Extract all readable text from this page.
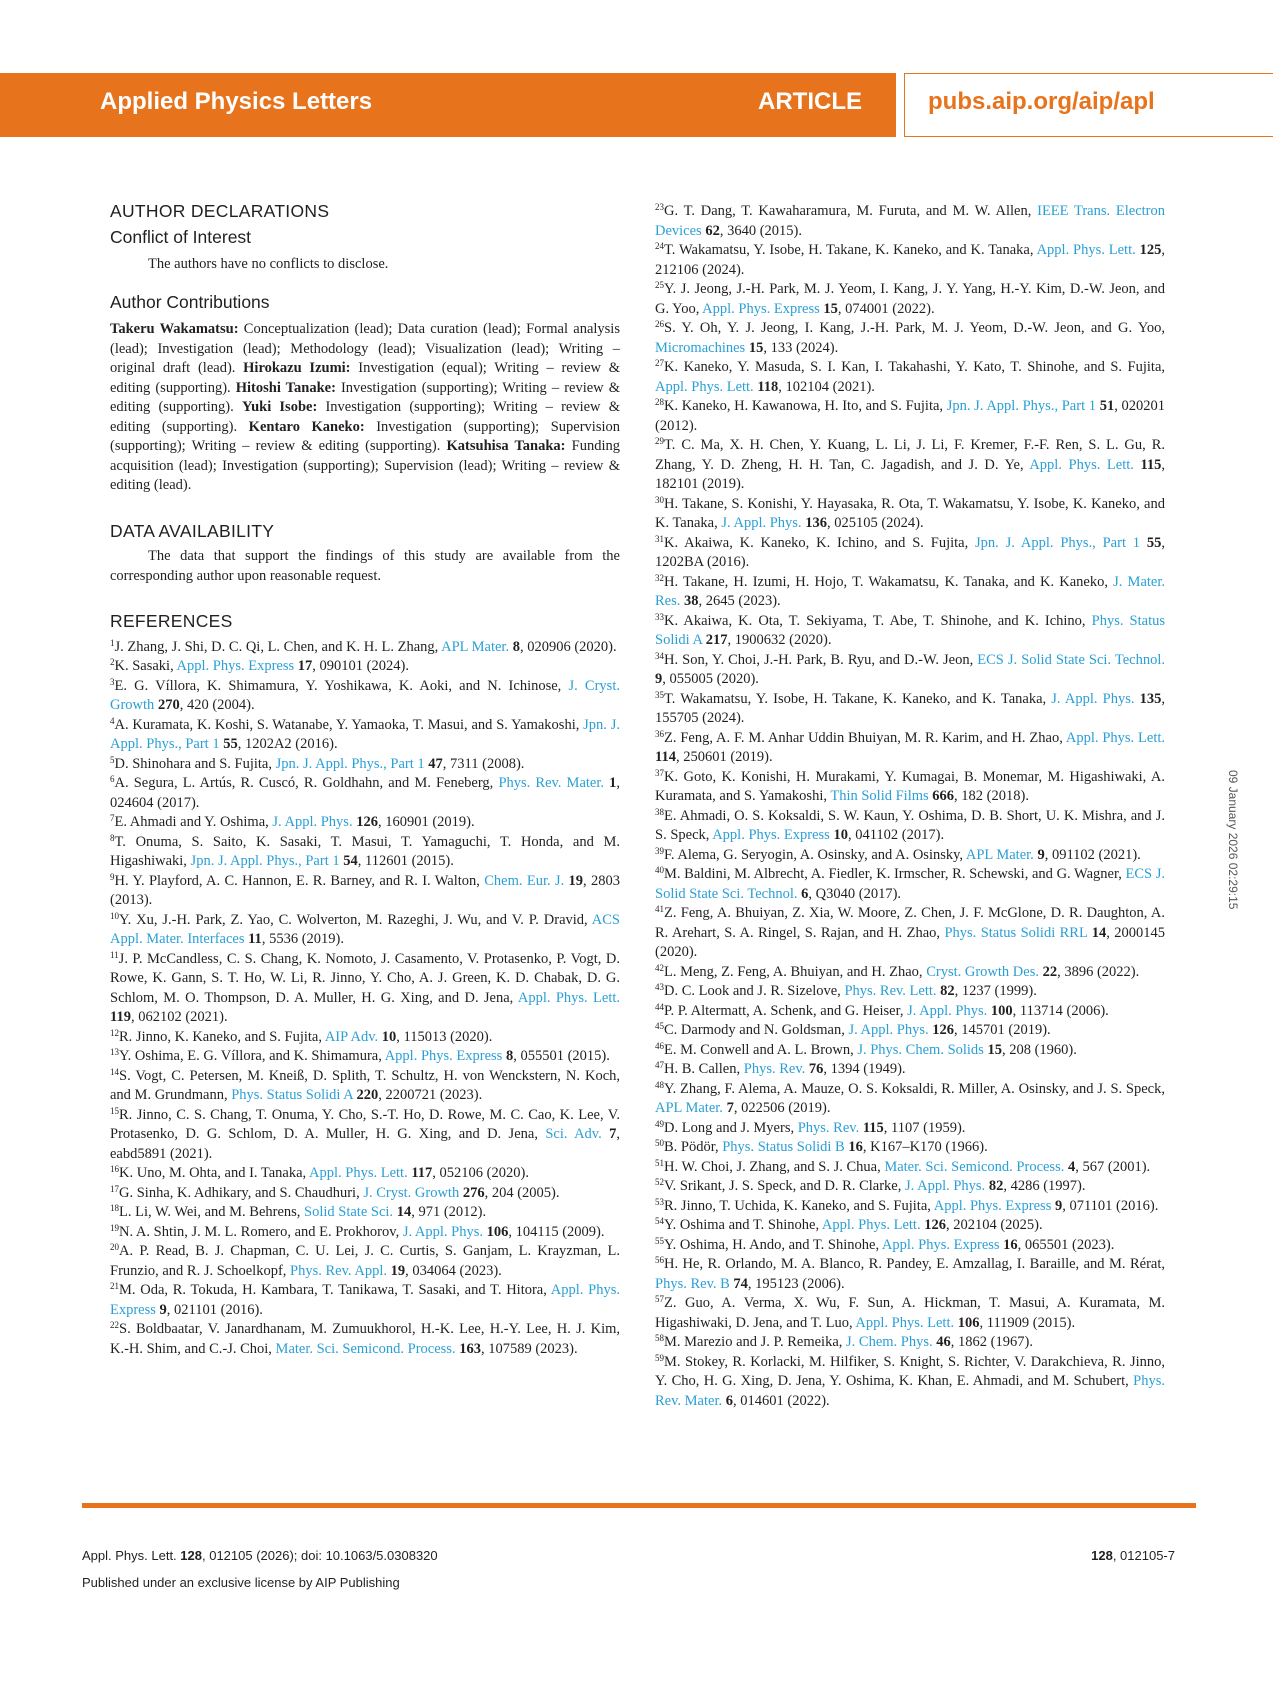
Applied Physics Letters	ARTICLE	pubs.aip.org/aip/apl
AUTHOR DECLARATIONS
Conflict of Interest

The authors have no conflicts to disclose.

Author Contributions

Takeru Wakamatsu: Conceptualization (lead); Data curation (lead); Formal analysis (lead); Investigation (lead); Methodology (lead); Visualization (lead); Writing – original draft (lead). Hirokazu Izumi: Investigation (equal); Writing – review & editing (supporting). Hitoshi Tanake: Investigation (supporting); Writing – review & editing (supporting). Yuki Isobe: Investigation (supporting); Writing – review & editing (supporting). Kentaro Kaneko: Investigation (supporting); Supervision (supporting); Writing – review & editing (supporting). Katsuhisa Tanaka: Funding acquisition (lead); Investigation (supporting); Supervision (lead); Writing – review & editing (lead).

DATA AVAILABILITY

The data that support the findings of this study are available from the corresponding author upon reasonable request.

REFERENCES

$^1$J. Zhang, J. Shi, D. C. Qi, L. Chen, and K. H. L. Zhang, APL Mater. 8, 020906 (2020).

$^2$K. Sasaki, Appl. Phys. Express 17, 090101 (2024).

$^3$E. G. Víllora, K. Shimamura, Y. Yoshikawa, K. Aoki, and N. Ichinose, J. Cryst. Growth 270, 420 (2004).

$^4$A. Kuramata, K. Koshi, S. Watanabe, Y. Yamaoka, T. Masui, and S. Yamakoshi, Jpn. J. Appl. Phys., Part 1 55, 1202A2 (2016).

$^5$D. Shinohara and S. Fujita, Jpn. J. Appl. Phys., Part 1 47, 7311 (2008).

$^6$A. Segura, L. Artús, R. Cuscó, R. Goldhahn, and M. Feneberg, Phys. Rev. Mater. 1, 024604 (2017).

$^7$E. Ahmadi and Y. Oshima, J. Appl. Phys. 126, 160901 (2019).

$^8$T. Onuma, S. Saito, K. Sasaki, T. Masui, T. Yamaguchi, T. Honda, and M. Higashiwaki, Jpn. J. Appl. Phys., Part 1 54, 112601 (2015).

$^9$H. Y. Playford, A. C. Hannon, E. R. Barney, and R. I. Walton, Chem. Eur. J. 19, 2803 (2013).

$^{10}$Y. Xu, J.-H. Park, Z. Yao, C. Wolverton, M. Razeghi, J. Wu, and V. P. Dravid, ACS Appl. Mater. Interfaces 11, 5536 (2019).

$^{11}$J. P. McCandless, C. S. Chang, K. Nomoto, J. Casamento, V. Protasenko, P. Vogt, D. Rowe, K. Gann, S. T. Ho, W. Li, R. Jinno, Y. Cho, A. J. Green, K. D. Chabak, D. G. Schlom, M. O. Thompson, D. A. Muller, H. G. Xing, and D. Jena, Appl. Phys. Lett. 119, 062102 (2021).

$^{12}$R. Jinno, K. Kaneko, and S. Fujita, AIP Adv. 10, 115013 (2020).

$^{13}$Y. Oshima, E. G. Víllora, and K. Shimamura, Appl. Phys. Express 8, 055501 (2015).

$^{14}$S. Vogt, C. Petersen, M. Kneiß, D. Splith, T. Schultz, H. von Wenckstern, N. Koch, and M. Grundmann, Phys. Status Solidi A 220, 2200721 (2023).

$^{15}$R. Jinno, C. S. Chang, T. Onuma, Y. Cho, S.-T. Ho, D. Rowe, M. C. Cao, K. Lee, V. Protasenko, D. G. Schlom, D. A. Muller, H. G. Xing, and D. Jena, Sci. Adv. 7, eabd5891 (2021).

$^{16}$K. Uno, M. Ohta, and I. Tanaka, Appl. Phys. Lett. 117, 052106 (2020).

$^{17}$G. Sinha, K. Adhikary, and S. Chaudhuri, J. Cryst. Growth 276, 204 (2005).

$^{18}$L. Li, W. Wei, and M. Behrens, Solid State Sci. 14, 971 (2012).

$^{19}$N. A. Shtin, J. M. L. Romero, and E. Prokhorov, J. Appl. Phys. 106, 104115 (2009).

$^{20}$A. P. Read, B. J. Chapman, C. U. Lei, J. C. Curtis, S. Ganjam, L. Krayzman, L. Frunzio, and R. J. Schoelkopf, Phys. Rev. Appl. 19, 034064 (2023).

$^{21}$M. Oda, R. Tokuda, H. Kambara, T. Tanikawa, T. Sasaki, and T. Hitora, Appl. Phys. Express 9, 021101 (2016).

$^{22}$S. Boldbaatar, V. Janardhanam, M. Zumuukhorol, H.-K. Lee, H.-Y. Lee, H. J. Kim, K.-H. Shim, and C.-J. Choi, Mater. Sci. Semicond. Process. 163, 107589 (2023).

$^{23}$G. T. Dang, T. Kawaharamura, M. Furuta, and M. W. Allen, IEEE Trans. Electron Devices 62, 3640 (2015).

$^{24}$T. Wakamatsu, Y. Isobe, H. Takane, K. Kaneko, and K. Tanaka, Appl. Phys. Lett. 125, 212106 (2024).

$^{25}$Y. J. Jeong, J.-H. Park, M. J. Yeom, I. Kang, J. Y. Yang, H.-Y. Kim, D.-W. Jeon, and G. Yoo, Appl. Phys. Express 15, 074001 (2022).

$^{26}$S. Y. Oh, Y. J. Jeong, I. Kang, J.-H. Park, M. J. Yeom, D.-W. Jeon, and G. Yoo, Micromachines 15, 133 (2024).

$^{27}$K. Kaneko, Y. Masuda, S. I. Kan, I. Takahashi, Y. Kato, T. Shinohe, and S. Fujita, Appl. Phys. Lett. 118, 102104 (2021).

$^{28}$K. Kaneko, H. Kawanowa, H. Ito, and S. Fujita, Jpn. J. Appl. Phys., Part 1 51, 020201 (2012).

$^{29}$T. C. Ma, X. H. Chen, Y. Kuang, L. Li, J. Li, F. Kremer, F.-F. Ren, S. L. Gu, R. Zhang, Y. D. Zheng, H. H. Tan, C. Jagadish, and J. D. Ye, Appl. Phys. Lett. 115, 182101 (2019).

$^{30}$H. Takane, S. Konishi, Y. Hayasaka, R. Ota, T. Wakamatsu, Y. Isobe, K. Kaneko, and K. Tanaka, J. Appl. Phys. 136, 025105 (2024).

$^{31}$K. Akaiwa, K. Kaneko, K. Ichino, and S. Fujita, Jpn. J. Appl. Phys., Part 1 55, 1202BA (2016).

$^{32}$H. Takane, H. Izumi, H. Hojo, T. Wakamatsu, K. Tanaka, and K. Kaneko, J. Mater. Res. 38, 2645 (2023).

$^{33}$K. Akaiwa, K. Ota, T. Sekiyama, T. Abe, T. Shinohe, and K. Ichino, Phys. Status Solidi A 217, 1900632 (2020).

$^{34}$H. Son, Y. Choi, J.-H. Park, B. Ryu, and D.-W. Jeon, ECS J. Solid State Sci. Technol. 9, 055005 (2020).

$^{35}$T. Wakamatsu, Y. Isobe, H. Takane, K. Kaneko, and K. Tanaka, J. Appl. Phys. 135, 155705 (2024).

$^{36}$Z. Feng, A. F. M. Anhar Uddin Bhuiyan, M. R. Karim, and H. Zhao, Appl. Phys. Lett. 114, 250601 (2019).

$^{37}$K. Goto, K. Konishi, H. Murakami, Y. Kumagai, B. Monemar, M. Higashiwaki, A. Kuramata, and S. Yamakoshi, Thin Solid Films 666, 182 (2018).

$^{38}$E. Ahmadi, O. S. Koksaldi, S. W. Kaun, Y. Oshima, D. B. Short, U. K. Mishra, and J. S. Speck, Appl. Phys. Express 10, 041102 (2017).

$^{39}$F. Alema, G. Seryogin, A. Osinsky, and A. Osinsky, APL Mater. 9, 091102 (2021).

$^{40}$M. Baldini, M. Albrecht, A. Fiedler, K. Irmscher, R. Schewski, and G. Wagner, ECS J. Solid State Sci. Technol. 6, Q3040 (2017).

$^{41}$Z. Feng, A. Bhuiyan, Z. Xia, W. Moore, Z. Chen, J. F. McGlone, D. R. Daughton, A. R. Arehart, S. A. Ringel, S. Rajan, and H. Zhao, Phys. Status Solidi RRL 14, 2000145 (2020).

$^{42}$L. Meng, Z. Feng, A. Bhuiyan, and H. Zhao, Cryst. Growth Des. 22, 3896 (2022).

$^{43}$D. C. Look and J. R. Sizelove, Phys. Rev. Lett. 82, 1237 (1999).

$^{44}$P. P. Altermatt, A. Schenk, and G. Heiser, J. Appl. Phys. 100, 113714 (2006).

$^{45}$C. Darmody and N. Goldsman, J. Appl. Phys. 126, 145701 (2019).

$^{46}$E. M. Conwell and A. L. Brown, J. Phys. Chem. Solids 15, 208 (1960).

$^{47}$H. B. Callen, Phys. Rev. 76, 1394 (1949).

$^{48}$Y. Zhang, F. Alema, A. Mauze, O. S. Koksaldi, R. Miller, A. Osinsky, and J. S. Speck, APL Mater. 7, 022506 (2019).

$^{49}$D. Long and J. Myers, Phys. Rev. 115, 1107 (1959).

$^{50}$B. Pödör, Phys. Status Solidi B 16, K167–K170 (1966).

$^{51}$H. W. Choi, J. Zhang, and S. J. Chua, Mater. Sci. Semicond. Process. 4, 567 (2001).

$^{52}$V. Srikant, J. S. Speck, and D. R. Clarke, J. Appl. Phys. 82, 4286 (1997).

$^{53}$R. Jinno, T. Uchida, K. Kaneko, and S. Fujita, Appl. Phys. Express 9, 071101 (2016).

$^{54}$Y. Oshima and T. Shinohe, Appl. Phys. Lett. 126, 202104 (2025).

$^{55}$Y. Oshima, H. Ando, and T. Shinohe, Appl. Phys. Express 16, 065501 (2023).

$^{56}$H. He, R. Orlando, M. A. Blanco, R. Pandey, E. Amzallag, I. Baraille, and M. Rérat, Phys. Rev. B 74, 195123 (2006).

$^{57}$Z. Guo, A. Verma, X. Wu, F. Sun, A. Hickman, T. Masui, A. Kuramata, M. Higashiwaki, D. Jena, and T. Luo, Appl. Phys. Lett. 106, 111909 (2015).

$^{58}$M. Marezio and J. P. Remeika, J. Chem. Phys. 46, 1862 (1967).

$^{59}$M. Stokey, R. Korlacki, M. Hilfiker, S. Knight, S. Richter, V. Darakchieva, R. Jinno, Y. Cho, H. G. Xing, D. Jena, Y. Oshima, K. Khan, E. Ahmadi, and M. Schubert, Phys. Rev. Mater. 6, 014601 (2022).

09 January 2026 02:29:15
Appl. Phys. Lett. 128, 012105 (2026); doi: 10.1063/5.0308320	128, 012105-7
Published under an exclusive license by AIP Publishing
